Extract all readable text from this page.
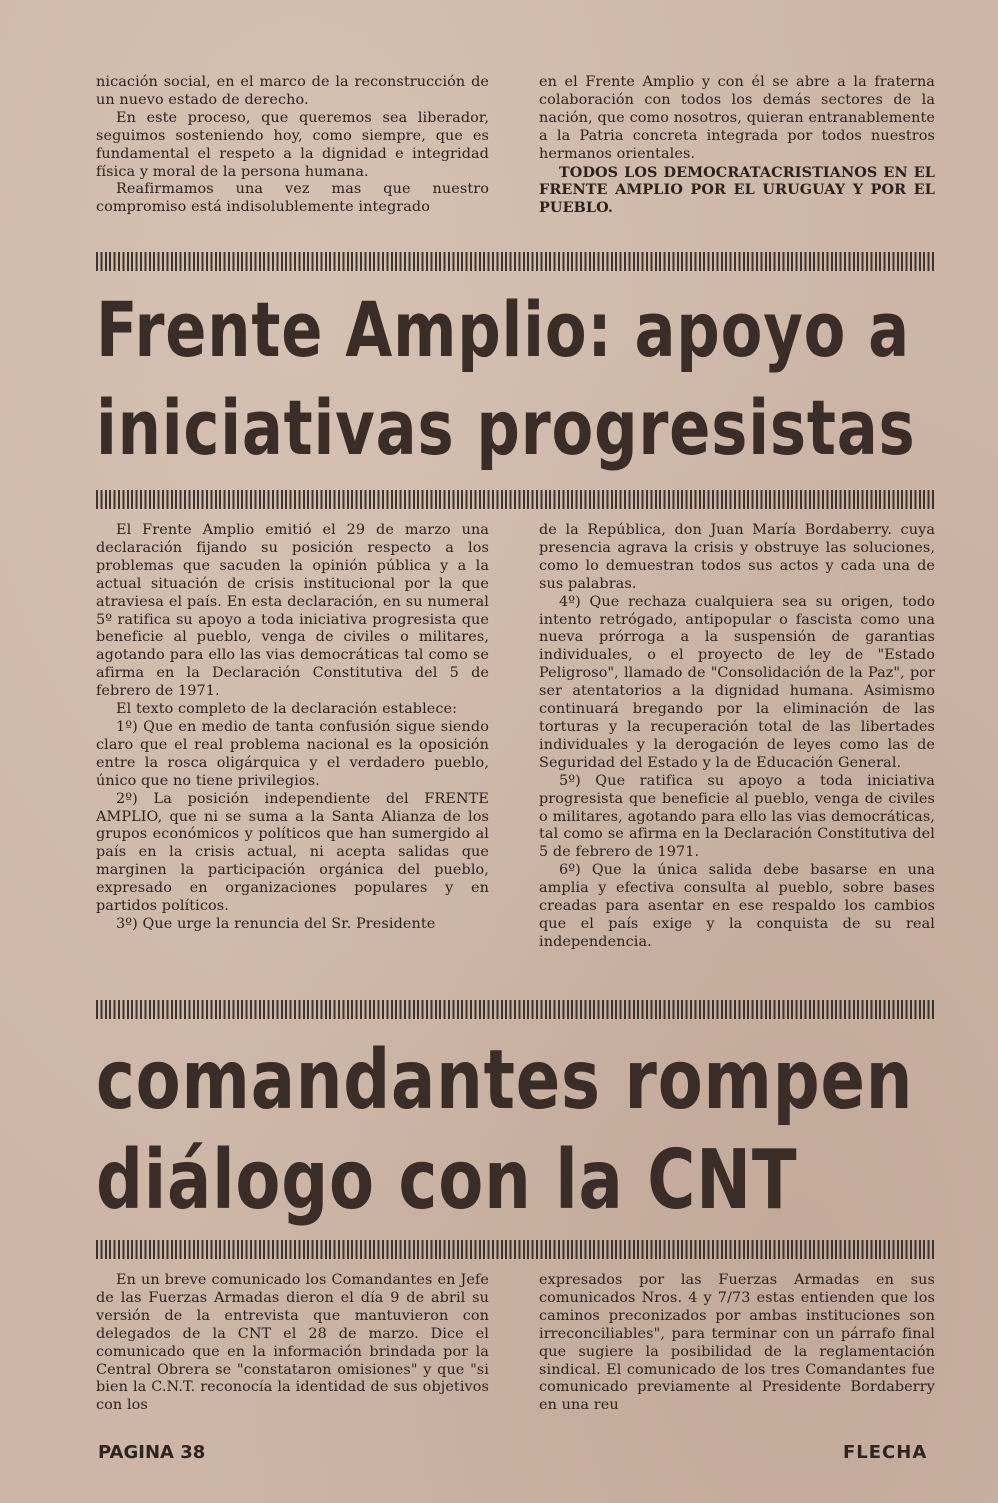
nicación social, en el marco de la reconstrucción de un nuevo estado de derecho.

En este proceso, que queremos sea liberador, seguimos sosteniendo hoy, como siempre, que es fundamental el respeto a la dignidad e integridad física y moral de la persona humana.

Reafirmamos una vez mas que nuestro compromiso está indisolublemente integrado

en el Frente Amplio y con él se abre a la fraterna colaboración con todos los demás sectores de la nación, que como nosotros, quieran entranablemente a la Patria concreta integrada por todos nuestros hermanos orientales.

TODOS LOS DEMOCRATACRISTIANOS EN EL FRENTE AMPLIO POR EL URUGUAY Y POR EL PUEBLO.

Frente Amplio: apoyo a
iniciativas progresistas

El Frente Amplio emitió el 29 de marzo una declaración fijando su posición respecto a los problemas que sacuden la opinión pública y a la actual situación de crisis institucional por la que atraviesa el país. En esta declaración, en su numeral 5º ratifica su apoyo a toda iniciativa progresista que beneficie al pueblo, venga de civiles o militares, agotando para ello las vias democráticas tal como se afirma en la Declaración Constitutiva del 5 de febrero de 1971.

El texto completo de la declaración establece:

1º) Que en medio de tanta confusión sigue siendo claro que el real problema nacional es la oposición entre la rosca oligárquica y el verdadero pueblo, único que no tiene privilegios.

2º) La posición independiente del FRENTE AMPLIO, que ni se suma a la Santa Alianza de los grupos económicos y políticos que han sumergido al país en la crisis actual, ni acepta salidas que marginen la participación orgánica del pueblo, expresado en organizaciones populares y en partidos políticos.

3º) Que urge la renuncia del Sr. Presidente

de la República, don Juan María Bordaberry. cuya presencia agrava la crisis y obstruye las soluciones, como lo demuestran todos sus actos y cada una de sus palabras.

4º) Que rechaza cualquiera sea su origen, todo intento retrógado, antipopular o fascista como una nueva prórroga a la suspensión de garantias individuales, o el proyecto de ley de "Estado Peligroso", llamado de "Consolidación de la Paz", por ser atentatorios a la dignidad humana. Asimismo continuará bregando por la eliminación de las torturas y la recuperación total de las libertades individuales y la derogación de leyes como las de Seguridad del Estado y la de Educación General.

5º) Que ratifica su apoyo a toda iniciativa progresista que beneficie al pueblo, venga de civiles o militares, agotando para ello las vias democráticas, tal como se afirma en la Declaración Constitutiva del 5 de febrero de 1971.

6º) Que la única salida debe basarse en una amplia y efectiva consulta al pueblo, sobre bases creadas para asentar en ese respaldo los cambios que el país exige y la conquista de su real independencia.

comandantes rompen
diálogo con la CNT

En un breve comunicado los Comandantes en Jefe de las Fuerzas Armadas dieron el día 9 de abril su versión de la entrevista que mantuvieron con delegados de la CNT el 28 de marzo. Dice el comunicado que en la información brindada por la Central Obrera se "constataron omisiones" y que "si bien la C.N.T. reconocía la identidad de sus objetivos con los

expresados por las Fuerzas Armadas en sus comunicados Nros. 4 y 7/73 estas entienden que los caminos preconizados por ambas instituciones son irreconciliables", para terminar con un párrafo final que sugiere la posibilidad de la reglamentación sindical. El comunicado de los tres Comandantes fue comunicado previamente al Presidente Bordaberry en una reu

PAGINA 38	FLECHA
